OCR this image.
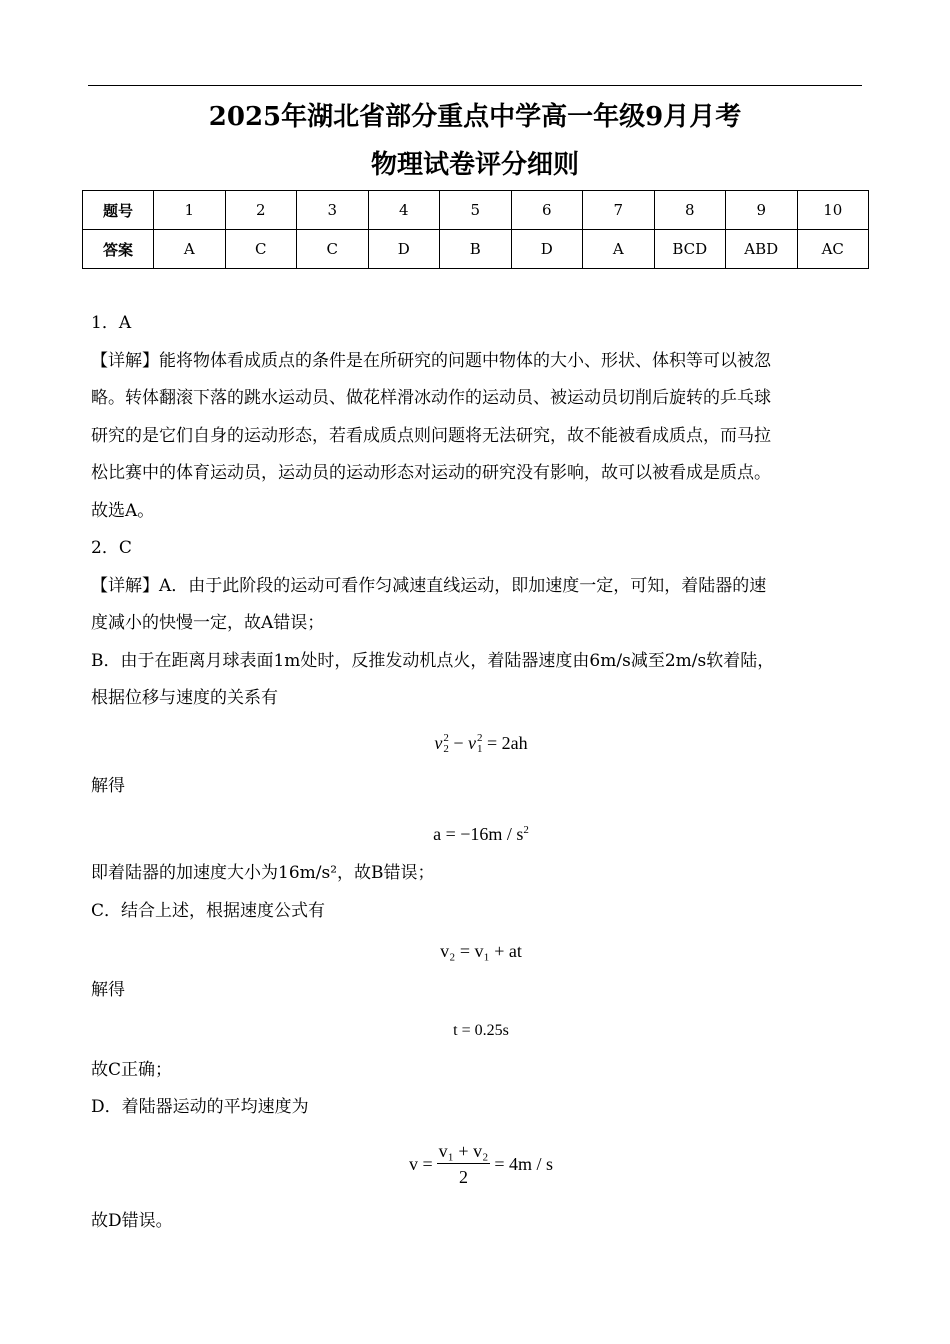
2025年湖北省部分重点中学高一年级9月月考
物理试卷评分细则
题号	1	2	3	4	5	6	7	8	9	10
答案	A	C	C	D	B	D	A	BCD	ABD	AC

1．A

【详解】能将物体看成质点的条件是在所研究的问题中物体的大小、形状、体积等可以被忽

略。转体翻滚下落的跳水运动员、做花样滑冰动作的运动员、被运动员切削后旋转的乒乓球

研究的是它们自身的运动形态，若看成质点则问题将无法研究，故不能被看成质点，而马拉

松比赛中的体育运动员，运动员的运动形态对运动的研究没有影响，故可以被看成是质点。

故选A。

2．C

【详解】A．由于此阶段的运动可看作匀减速直线运动，即加速度一定，可知，着陆器的速

度减小的快慢一定，故A错误；

B．由于在距离月球表面1m处时，反推发动机点火，着陆器速度由6m/s减至2m/s软着陆，

根据位移与速度的关系有

v 2
2 − v 2
1 = 2ah

解得

$a = -16m / s^2$

即着陆器的加速度大小为16m/s²，故B错误；

C．结合上述，根据速度公式有

v₂ = v₁ + at

解得

t = 0.25s

故C正确；

D．着陆器运动的平均速度为

$v = \frac{\text{v₁ + v₂}}{2} = 4m / s$

故D错误。
